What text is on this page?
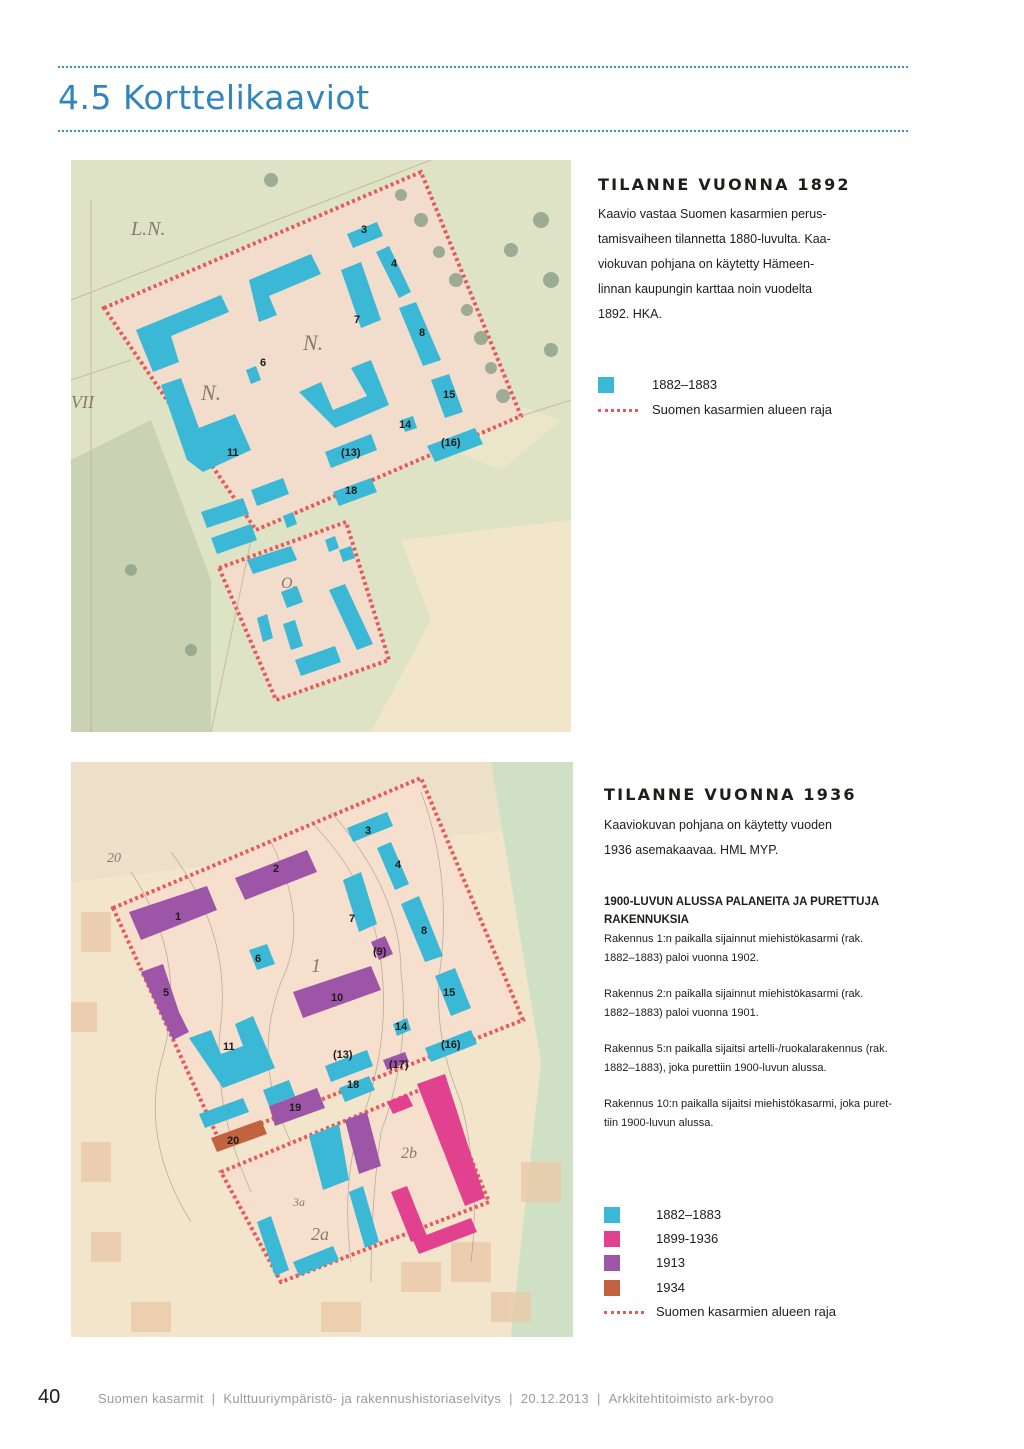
4.5 Korttelikaaviot
L.N.
N.
N.
VII
O.
3
4
7
8
6
15
14
11	(13)
(16)
18
TILANNE VUONNA 1892

Kaavio vastaa Suomen kasarmien perus-

tamisvaiheen tilannetta 1880-luvulta. Kaa-

viokuvan pohjana on käytetty Hämeen-

linnan kaupungin karttaa noin vuodelta

1892. HKA.

1882–1883
Suomen kasarmien alueen raja
20
1
2b
2a
3a
1
2
3
4
5
6
7
8
(9)
10
11
(13)
14
15
(16)
(17)
18
19
20
TILANNE VUONNA 1936

Kaaviokuvan pohjana on käytetty vuoden

1936 asemakaavaa. HML MYP.

1900-LUVUN ALUSSA PALANEITA JA PURETTUJA

RAKENNUKSIA

Rakennus 1:n paikalla sijainnut miehistökasarmi (rak.

1882–1883) paloi vuonna 1902.

Rakennus 2:n paikalla sijainnut miehistökasarmi (rak.

1882–1883) paloi vuonna 1901.

Rakennus 5:n paikalla sijaitsi artelli-/ruokalarakennus (rak.

1882–1883), joka purettiin 1900-luvun alussa.

Rakennus 10:n paikalla sijaitsi miehistökasarmi, joka puret-

tiin 1900-luvun alussa.

1882–1883
1899-1936
1913
1934
Suomen kasarmien alueen raja
40	Suomen kasarmit | Kulttuuriympäristö- ja rakennushistoriaselvitys | 20.12.2013 | Arkkitehtitoimisto ark-byroo
